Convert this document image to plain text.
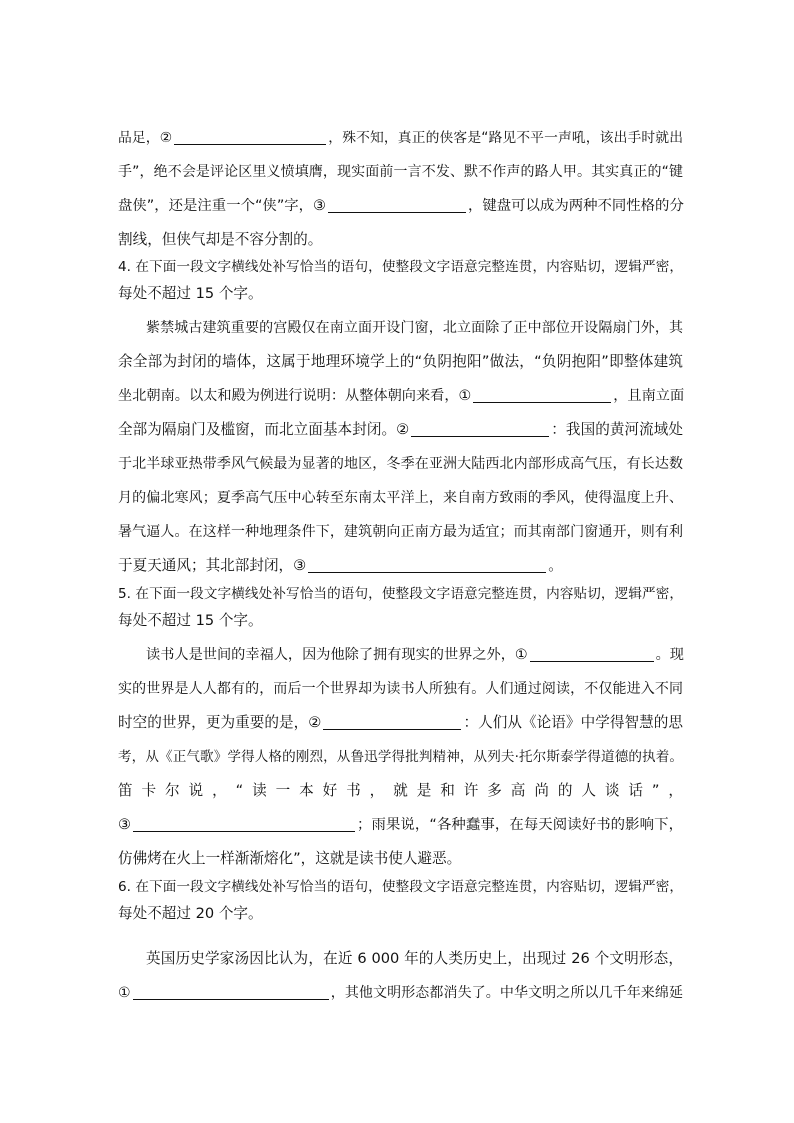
品足，②	，殊不知，真正的侠客是“路见不平一声吼，该出手时就出
手”，绝不会是评论区里义愤填膺，现实面前一言不发、默不作声的路人甲。其实真正的“键
盘侠”，还是注重一个“侠”字，③	，键盘可以成为两种不同性格的分
割线，但侠气却是不容分割的。
4. 在下面一段文字横线处补写恰当的语句，使整段文字语意完整连贯，内容贴切，逻辑严密，
每处不超过 15 个字。
紫禁城古建筑重要的宫殿仅在南立面开设门窗，北立面除了正中部位开设隔扇门外，其
余全部为封闭的墙体，这属于地理环境学上的“负阴抱阳”做法，“负阴抱阳”即整体建筑
坐北朝南。以太和殿为例进行说明：从整体朝向来看，①	，且南立面
全部为隔扇门及槛窗，而北立面基本封闭。②	：我国的黄河流域处
于北半球亚热带季风气候最为显著的地区，冬季在亚洲大陆西北内部形成高气压，有长达数
月的偏北寒风；夏季高气压中心转至东南太平洋上，来自南方致雨的季风，使得温度上升、
暑气逼人。在这样一种地理条件下，建筑朝向正南方最为适宜；而其南部门窗通开，则有利
于夏天通风；其北部封闭，③	。
5. 在下面一段文字横线处补写恰当的语句，使整段文字语意完整连贯，内容贴切，逻辑严密，
每处不超过 15 个字。
读书人是世间的幸福人，因为他除了拥有现实的世界之外，①	。现
实的世界是人人都有的，而后一个世界却为读书人所独有。人们通过阅读，不仅能进入不同
时空的世界，更为重要的是，②	：人们从《论语》中学得智慧的思
考，从《正气歌》学得人格的刚烈，从鲁迅学得批判精神，从列夫·托尔斯泰学得道德的执着。
笛卡尔说，“读一本好书，就是和许多高尚的人谈话”，
③	；雨果说，“各种蠢事，在每天阅读好书的影响下，
仿佛烤在火上一样渐渐熔化”，这就是读书使人避恶。
6. 在下面一段文字横线处补写恰当的语句，使整段文字语意完整连贯，内容贴切，逻辑严密，
每处不超过 20 个字。
英国历史学家汤因比认为，在近 6 000 年的人类历史上，出现过 26 个文明形态，
①	，其他文明形态都消失了。中华文明之所以几千年来绵延
